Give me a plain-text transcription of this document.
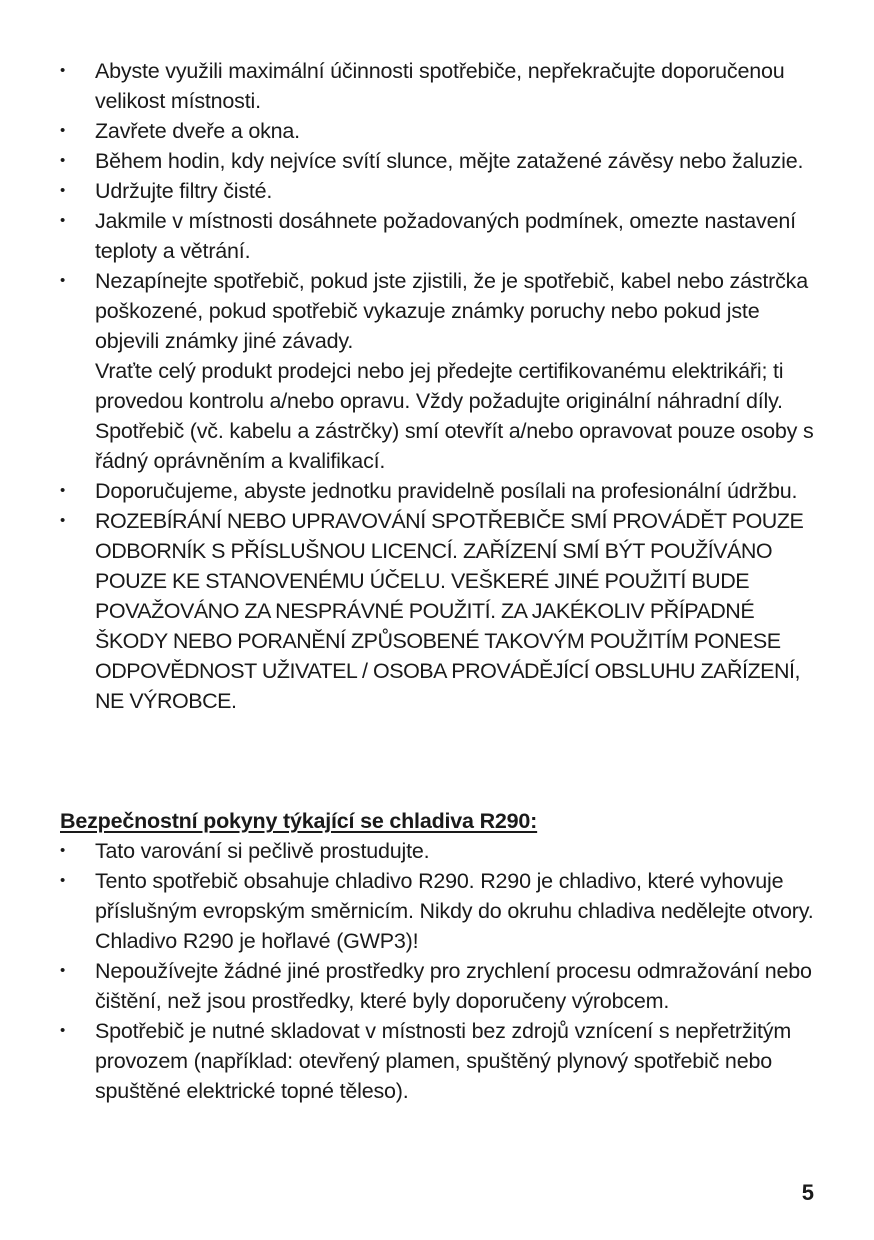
• Abyste využili maximální účinnosti spotřebiče, nepřekračujte doporučenou velikost místnosti.
• Zavřete dveře a okna.
• Během hodin, kdy nejvíce svítí slunce, mějte zatažené závěsy nebo žaluzie.
• Udržujte filtry čisté.
• Jakmile v místnosti dosáhnete požadovaných podmínek, omezte nastavení teploty a větrání.
• Nezapínejte spotřebič, pokud jste zjistili, že je spotřebič, kabel nebo zástrčka poškozené, pokud spotřebič vykazuje známky poruchy nebo pokud jste objevili známky jiné závady.
Vraťte celý produkt prodejci nebo jej předejte certifikovanému elektrikáři; ti provedou kontrolu a/nebo opravu. Vždy požadujte originální náhradní díly. Spotřebič (vč. kabelu a zástrčky) smí otevřít a/nebo opravovat pouze osoby s řádný oprávněním a kvalifikací.
• Doporučujeme, abyste jednotku pravidelně posílali na profesionální údržbu.
• ROZEBÍRÁNÍ NEBO UPRAVOVÁNÍ SPOTŘEBIČE SMÍ PROVÁDĚT POUZE ODBORNÍK S PŘÍSLUŠNOU LICENCÍ. ZAŘÍZENÍ SMÍ BÝT POUŽÍVÁNO POUZE KE STANOVENÉMU ÚČELU. VEŠKERÉ JINÉ POUŽITÍ BUDE POVAŽOVÁNO ZA NESPRÁVNÉ POUŽITÍ. ZA JAKÉKOLIV PŘÍPADNÉ ŠKODY NEBO PORANĚNÍ ZPŮSOBENÉ TAKOVÝM POUŽITÍM PONESE ODPOVĚDNOST UŽIVATEL / OSOBA PROVÁDĚJÍCÍ OBSLUHU ZAŘÍZENÍ, NE VÝROBCE.
Bezpečnostní pokyny týkající se chladiva R290:
• Tato varování si pečlivě prostudujte.
• Tento spotřebič obsahuje chladivo R290. R290 je chladivo, které vyhovuje příslušným evropským směrnicím. Nikdy do okruhu chladiva nedělejte otvory. Chladivo R290 je hořlavé (GWP3)!
• Nepoužívejte žádné jiné prostředky pro zrychlení procesu odmražování nebo čištění, než jsou prostředky, které byly doporučeny výrobcem.
• Spotřebič je nutné skladovat v místnosti bez zdrojů vznícení s nepřetržitým provozem (například: otevřený plamen, spuštěný plynový spotřebič nebo spuštěné elektrické topné těleso).
5
